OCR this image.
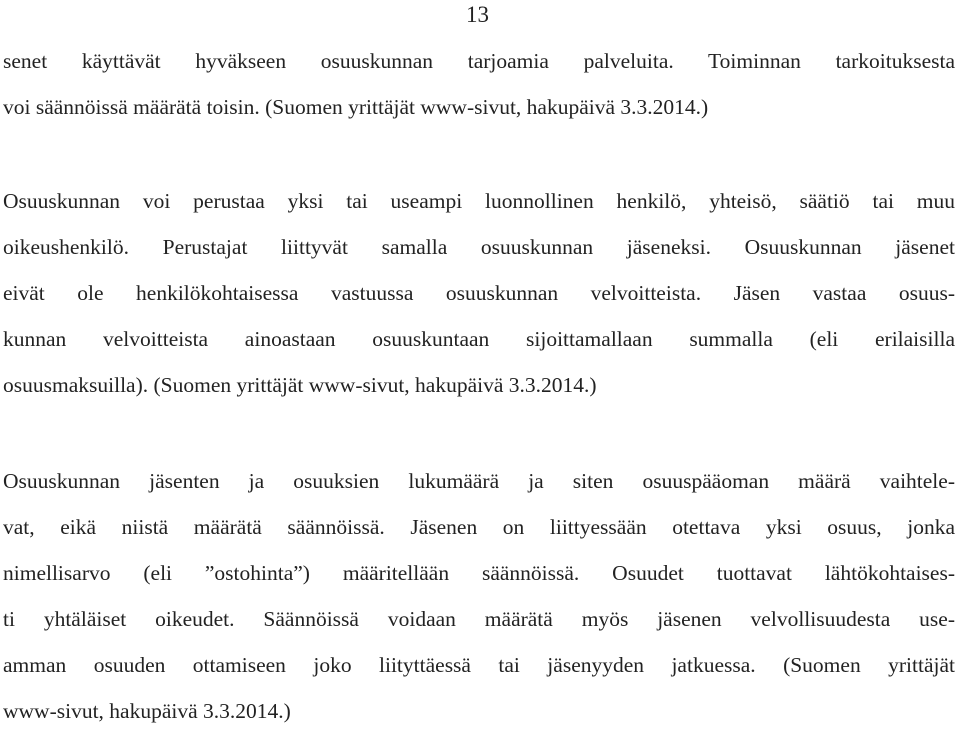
13

senet käyttävät hyväkseen osuuskunnan tarjoamia palveluita. Toiminnan tarkoituksesta
voi säännöissä määrätä toisin. (Suomen yrittäjät www-sivut, hakupäivä 3.3.2014.)

Osuuskunnan voi perustaa yksi tai useampi luonnollinen henkilö, yhteisö, säätiö tai muu
oikeushenkilö. Perustajat liittyvät samalla osuuskunnan jäseneksi. Osuuskunnan jäsenet
eivät ole henkilökohtaisessa vastuussa osuuskunnan velvoitteista. Jäsen vastaa osuus-
kunnan velvoitteista ainoastaan osuuskuntaan sijoittamallaan summalla (eli erilaisilla
osuusmaksuilla). (Suomen yrittäjät www-sivut, hakupäivä 3.3.2014.)

Osuuskunnan jäsenten ja osuuksien lukumäärä ja siten osuuspääoman määrä vaihtele-
vat, eikä niistä määrätä säännöissä. Jäsenen on liittyessään otettava yksi osuus, jonka
nimellisarvo (eli ”ostohinta”) määritellään säännöissä. Osuudet tuottavat lähtökohtaises-
ti yhtäläiset oikeudet. Säännöissä voidaan määrätä myös jäsenen velvollisuudesta use-
amman osuuden ottamiseen joko liityttäessä tai jäsenyyden jatkuessa. (Suomen yrittäjät
www-sivut, hakupäivä 3.3.2014.)
